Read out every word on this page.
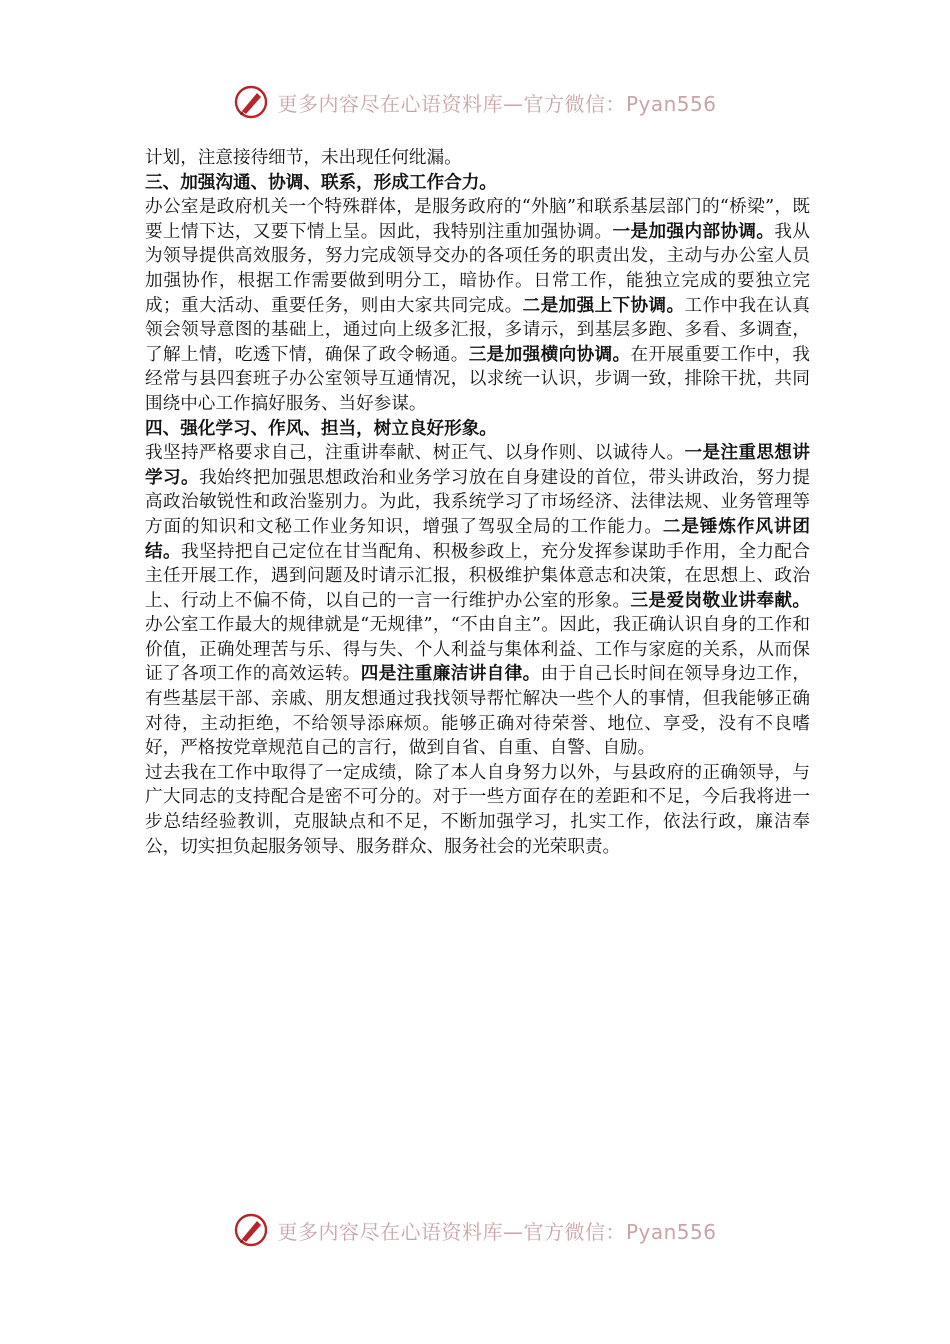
更多内容尽在心语资料库—官方微信：Pyan556

计划，注意接待细节，未出现任何纰漏。

三、加强沟通、协调、联系，形成工作合力。

办公室是政府机关一个特殊群体，是服务政府的“外脑”和联系基层部门的“桥梁”，既要上情下达，又要下情上呈。因此，我特别注重加强协调。一是加强内部协调。我从为领导提供高效服务，努力完成领导交办的各项任务的职责出发，主动与办公室人员加强协作，根据工作需要做到明分工，暗协作。日常工作，能独立完成的要独立完成；重大活动、重要任务，则由大家共同完成。二是加强上下协调。工作中我在认真领会领导意图的基础上，通过向上级多汇报，多请示，到基层多跑、多看、多调查，了解上情，吃透下情，确保了政令畅通。三是加强横向协调。在开展重要工作中，我经常与县四套班子办公室领导互通情况，以求统一认识，步调一致，排除干扰，共同围绕中心工作搞好服务、当好参谋。

四、强化学习、作风、担当，树立良好形象。

我坚持严格要求自己，注重讲奉献、树正气、以身作则、以诚待人。一是注重思想讲学习。我始终把加强思想政治和业务学习放在自身建设的首位，带头讲政治，努力提高政治敏锐性和政治鉴别力。为此，我系统学习了市场经济、法律法规、业务管理等方面的知识和文秘工作业务知识，增强了驾驭全局的工作能力。二是锤炼作风讲团结。我坚持把自己定位在甘当配角、积极参政上，充分发挥参谋助手作用，全力配合主任开展工作，遇到问题及时请示汇报，积极维护集体意志和决策，在思想上、政治上、行动上不偏不倚，以自己的一言一行维护办公室的形象。三是爱岗敬业讲奉献。办公室工作最大的规律就是“无规律”，“不由自主”。因此，我正确认识自身的工作和价值，正确处理苦与乐、得与失、个人利益与集体利益、工作与家庭的关系，从而保证了各项工作的高效运转。四是注重廉洁讲自律。由于自己长时间在领导身边工作，有些基层干部、亲戚、朋友想通过我找领导帮忙解决一些个人的事情，但我能够正确对待，主动拒绝，不给领导添麻烦。能够正确对待荣誉、地位、享受，没有不良嗜好，严格按党章规范自己的言行，做到自省、自重、自警、自励。

过去我在工作中取得了一定成绩，除了本人自身努力以外，与县政府的正确领导，与广大同志的支持配合是密不可分的。对于一些方面存在的差距和不足，今后我将进一步总结经验教训，克服缺点和不足，不断加强学习，扎实工作，依法行政，廉洁奉公，切实担负起服务领导、服务群众、服务社会的光荣职责。

更多内容尽在心语资料库—官方微信：Pyan556
